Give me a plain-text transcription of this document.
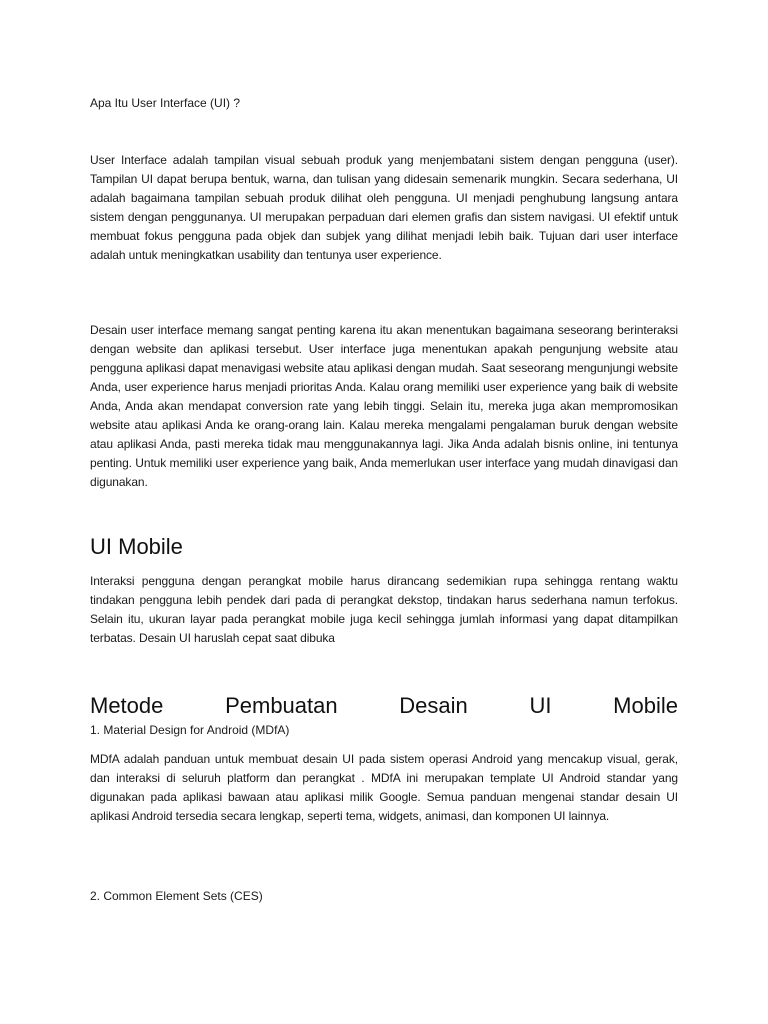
Apa Itu User Interface (UI) ?
User Interface adalah tampilan visual sebuah produk yang menjembatani sistem dengan pengguna (user). Tampilan UI dapat berupa bentuk, warna, dan tulisan yang didesain semenarik mungkin. Secara sederhana, UI adalah bagaimana tampilan sebuah produk dilihat oleh pengguna. UI menjadi penghubung langsung antara sistem dengan penggunanya. UI merupakan perpaduan dari elemen grafis dan sistem navigasi. UI efektif untuk membuat fokus pengguna pada objek dan subjek yang dilihat menjadi lebih baik. Tujuan dari user interface adalah untuk meningkatkan usability dan tentunya user experience.
Desain user interface memang sangat penting karena itu akan menentukan bagaimana seseorang berinteraksi dengan website dan aplikasi tersebut. User interface juga menentukan apakah pengunjung website atau pengguna aplikasi dapat menavigasi website atau aplikasi dengan mudah. Saat seseorang mengunjungi website Anda, user experience harus menjadi prioritas Anda. Kalau orang memiliki user experience yang baik di website Anda, Anda akan mendapat conversion rate yang lebih tinggi. Selain itu, mereka juga akan mempromosikan website atau aplikasi Anda ke orang-orang lain. Kalau mereka mengalami pengalaman buruk dengan website atau aplikasi Anda, pasti mereka tidak mau menggunakannya lagi. Jika Anda adalah bisnis online, ini tentunya penting. Untuk memiliki user experience yang baik, Anda memerlukan user interface yang mudah dinavigasi dan digunakan.
UI Mobile
Interaksi pengguna dengan perangkat mobile harus dirancang sedemikian rupa sehingga rentang waktu tindakan pengguna lebih pendek dari pada di perangkat dekstop, tindakan harus sederhana namun terfokus. Selain itu, ukuran layar pada perangkat mobile juga kecil sehingga jumlah informasi yang dapat ditampilkan terbatas. Desain UI haruslah cepat saat dibuka
Metode	Pembuatan	Desain	UI	Mobile
1. Material Design for Android (MDfA)
MDfA adalah panduan untuk membuat desain UI pada sistem operasi Android yang mencakup visual, gerak, dan interaksi di seluruh platform dan perangkat . MDfA ini merupakan template UI Android standar yang digunakan pada aplikasi bawaan atau aplikasi milik Google. Semua panduan mengenai standar desain UI aplikasi Android tersedia secara lengkap, seperti tema, widgets, animasi, dan komponen UI lainnya.
2. Common Element Sets (CES)
